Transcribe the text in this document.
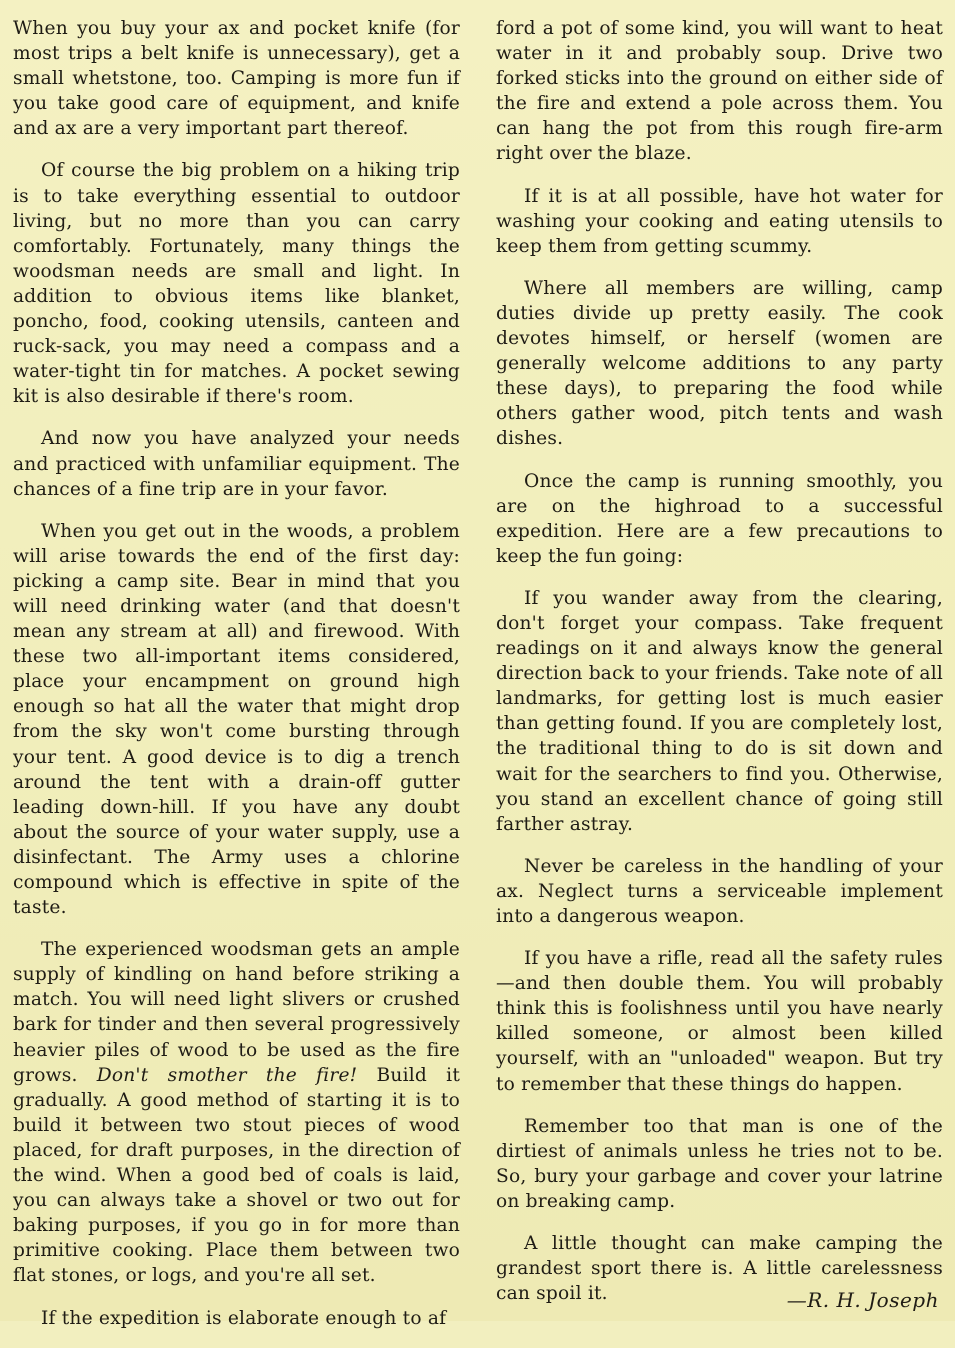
When you buy your ax and pocket knife (for most trips a belt knife is unnecessary), get a small whetstone, too. Camping is more fun if you take good care of equipment, and knife and ax are a very important part thereof.

Of course the big problem on a hiking trip is to take everything essential to outdoor living, but no more than you can carry comfortably. Fortunately, many things the woodsman needs are small and light. In addition to obvious items like blanket, poncho, food, cooking utensils, canteen and ruck-sack, you may need a compass and a water-tight tin for matches. A pocket sewing kit is also desirable if there's room.

And now you have analyzed your needs and practiced with unfamiliar equipment. The chances of a fine trip are in your favor.

When you get out in the woods, a problem will arise towards the end of the first day: picking a camp site. Bear in mind that you will need drinking water (and that doesn't mean any stream at all) and firewood. With these two all-important items considered, place your encampment on ground high enough so hat all the water that might drop from the sky won't come bursting through your tent. A good device is to dig a trench around the tent with a drain-off gutter leading down-hill. If you have any doubt about the source of your water supply, use a disinfectant. The Army uses a chlorine compound which is effective in spite of the taste.

The experienced woodsman gets an ample supply of kindling on hand before striking a match. You will need light slivers or crushed bark for tinder and then several progressively heavier piles of wood to be used as the fire grows. Don't smother the fire! Build it gradually. A good method of starting it is to build it between two stout pieces of wood placed, for draft purposes, in the direction of the wind. When a good bed of coals is laid, you can always take a shovel or two out for baking purposes, if you go in for more than primitive cooking. Place them between two flat stones, or logs, and you're all set.

If the expedition is elaborate enough to af

ford a pot of some kind, you will want to heat water in it and probably soup. Drive two forked sticks into the ground on either side of the fire and extend a pole across them. You can hang the pot from this rough fire-arm right over the blaze.

If it is at all possible, have hot water for washing your cooking and eating utensils to keep them from getting scummy.

Where all members are willing, camp duties divide up pretty easily. The cook devotes himself, or herself (women are generally welcome additions to any party these days), to preparing the food while others gather wood, pitch tents and wash dishes.

Once the camp is running smoothly, you are on the highroad to a successful expedition. Here are a few precautions to keep the fun going:

If you wander away from the clearing, don't forget your compass. Take frequent readings on it and always know the general direction back to your friends. Take note of all landmarks, for getting lost is much easier than getting found. If you are completely lost, the traditional thing to do is sit down and wait for the searchers to find you. Otherwise, you stand an excellent chance of going still farther astray.

Never be careless in the handling of your ax. Neglect turns a serviceable implement into a dangerous weapon.

If you have a rifle, read all the safety rules —and then double them. You will probably think this is foolishness until you have nearly killed someone, or almost been killed yourself, with an "unloaded" weapon. But try to remember that these things do happen.

Remember too that man is one of the dirtiest of animals unless he tries not to be. So, bury your garbage and cover your latrine on breaking camp.

A little thought can make camping the grandest sport there is. A little carelessness can spoil it.	—R. H. Joseph
